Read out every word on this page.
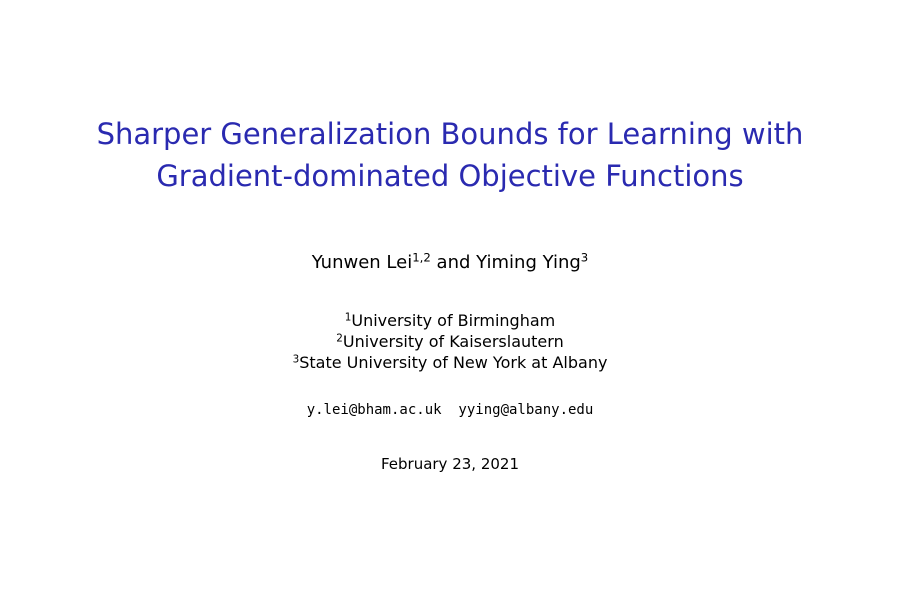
Sharper Generalization Bounds for Learning with
Gradient-dominated Objective Functions
Yunwen Lei$^{1,2}$ and Yiming Ying$^3$
$^1$University of Birmingham
$^2$University of Kaiserslautern
$^3$State University of New York at Albany
y.lei@bham.ac.uk yying@albany.edu
February 23, 2021
